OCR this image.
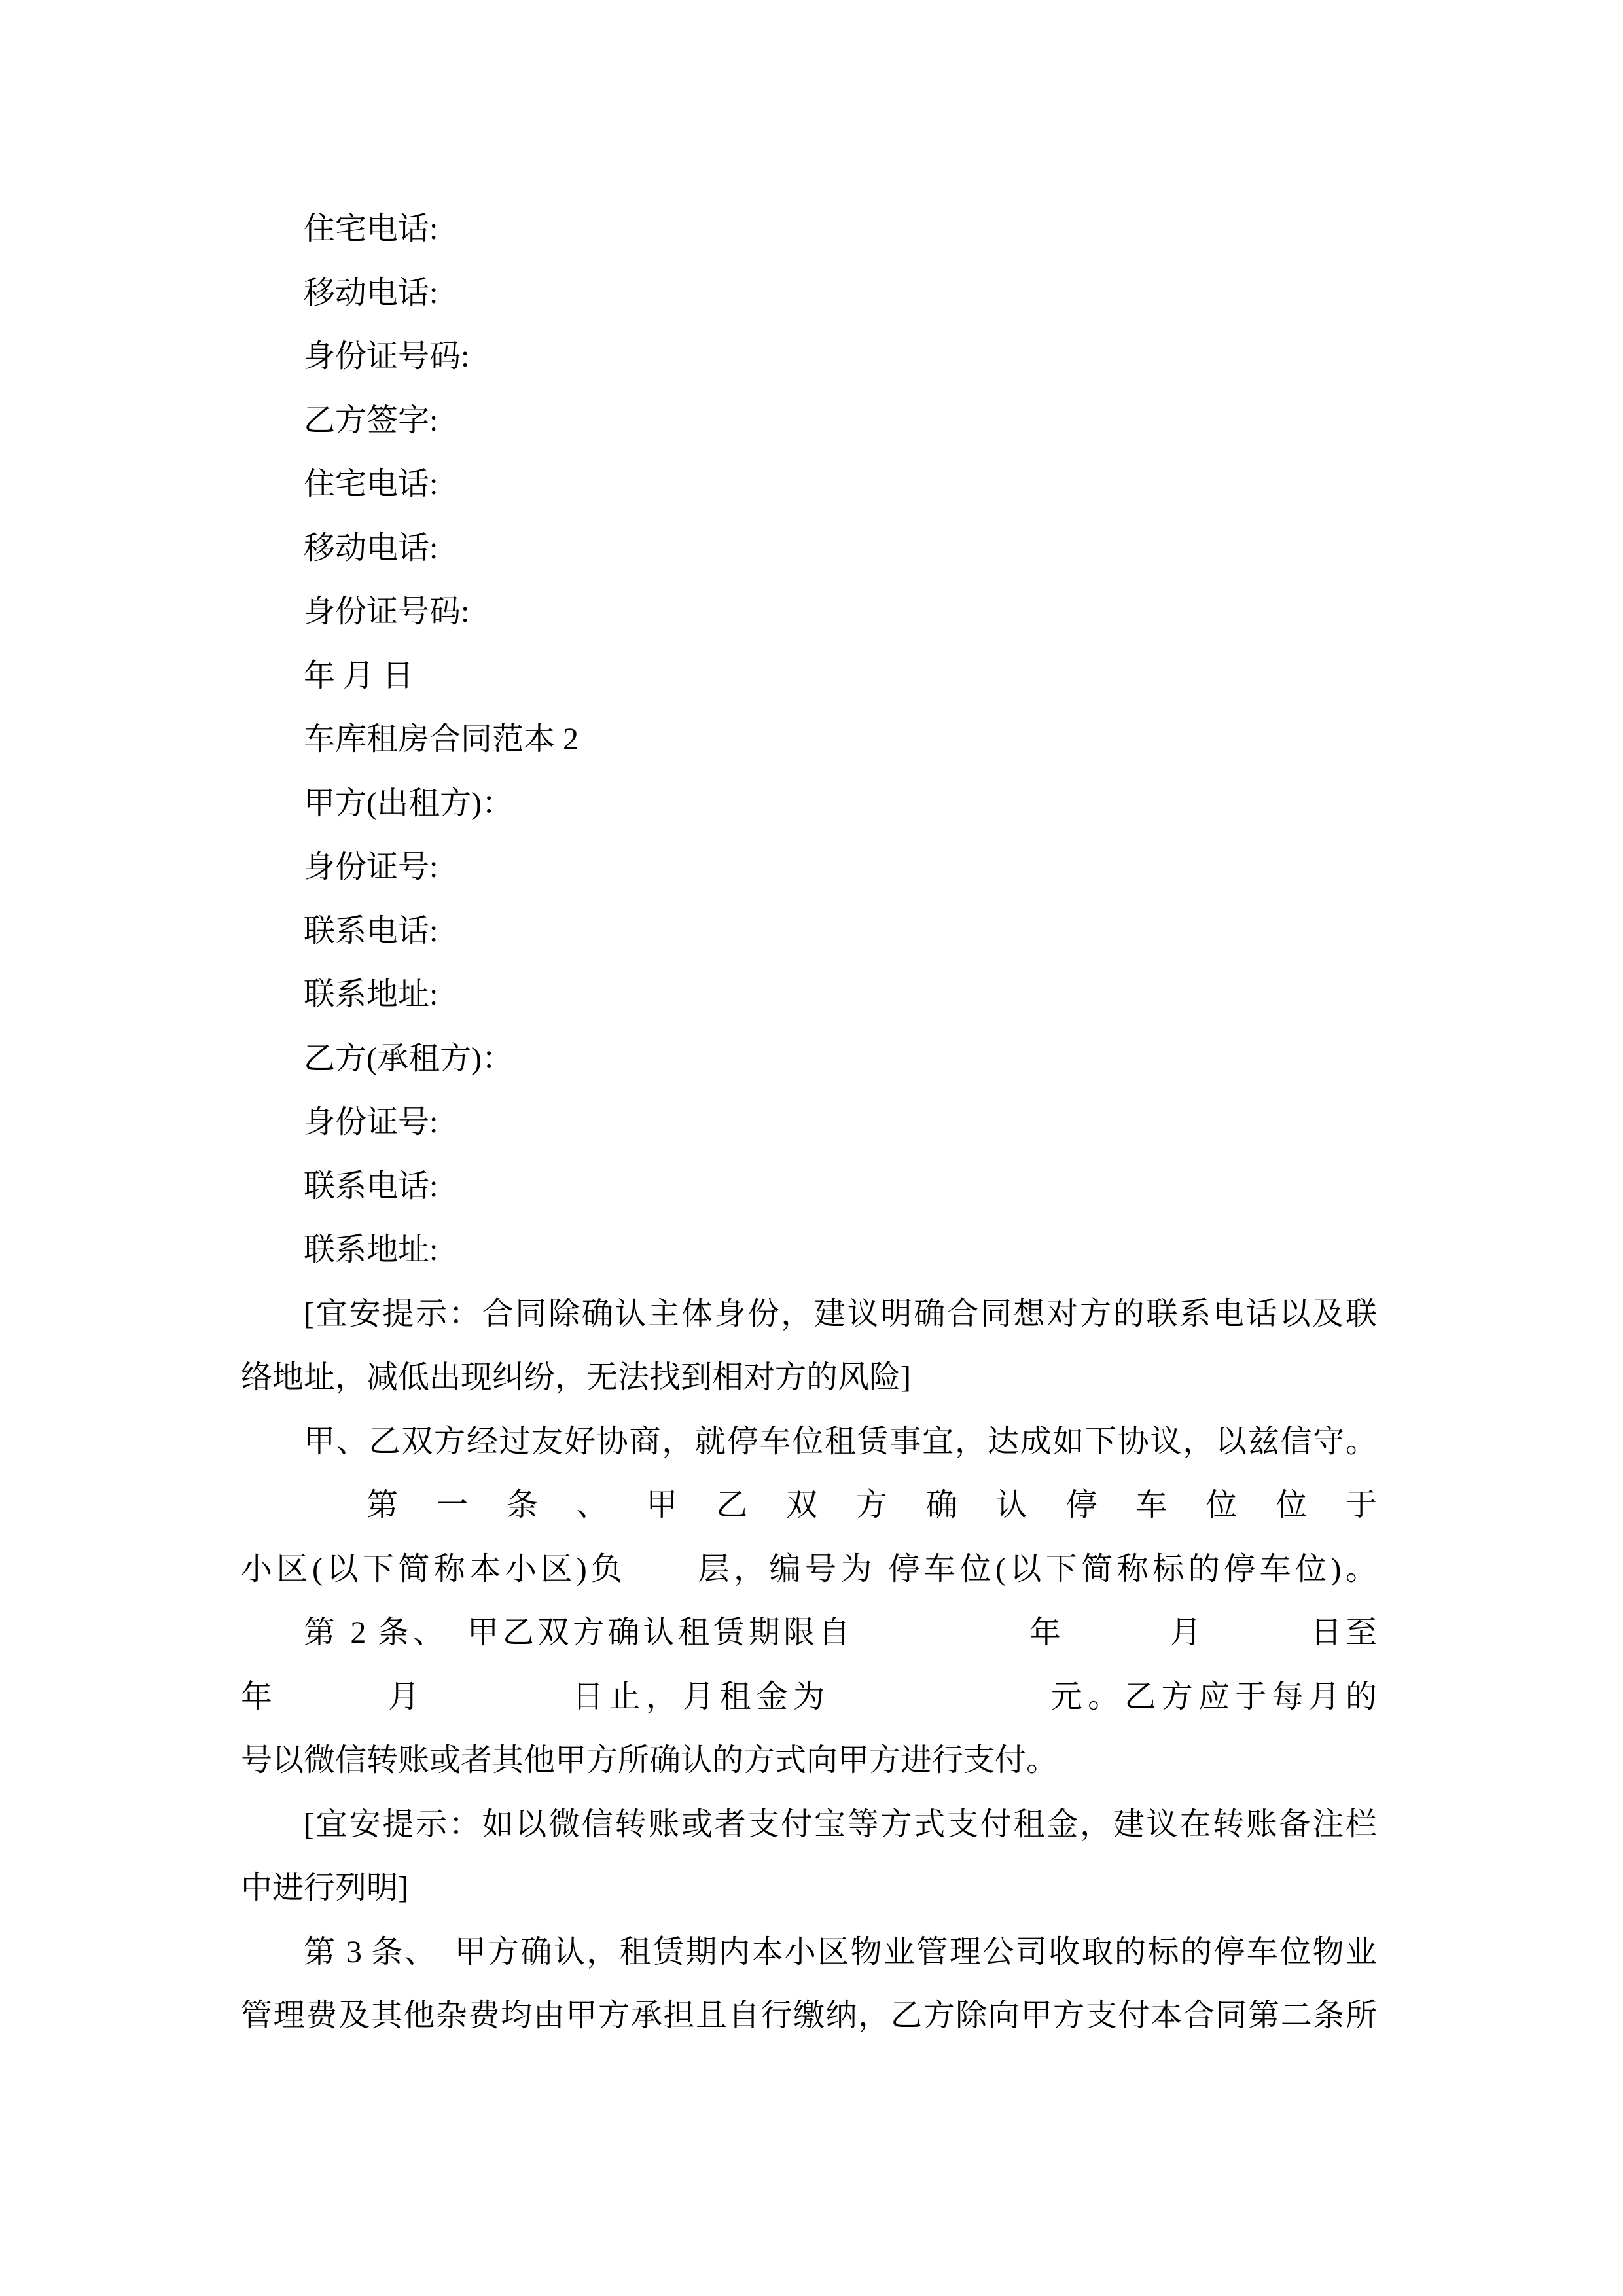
住宅电话:
移动电话:
身份证号码:
乙方签字:
住宅电话:
移动电话:
身份证号码:
年 月 日
车库租房合同范本 2
甲方(出租方)：
身份证号:
联系电话:
联系地址:
乙方(承租方)：
身份证号:
联系电话:
联系地址:
[宜安提示：合同除确认主体身份，建议明确合同想对方的联系电话以及联
络地址，减低出现纠纷，无法找到相对方的风险]
甲、乙双方经过友好协商，就停车位租赁事宜，达成如下协议，以兹信守。
第 一 条 、 甲 乙 双 方 确 认 停 车 位 位 于
小区(以下简称本小区)负　　层，编号为 停车位(以下简称标的停车位)。
第 2 条、　甲乙双方确认租赁期限自　　　　　年　　　月　　　日至
年　　　月　　　　日止，月租金为　　　　　　元。乙方应于每月的
号以微信转账或者其他甲方所确认的方式向甲方进行支付。
[宜安提示：如以微信转账或者支付宝等方式支付租金，建议在转账备注栏
中进行列明]
第 3 条、　甲方确认，租赁期内本小区物业管理公司收取的标的停车位物业
管理费及其他杂费均由甲方承担且自行缴纳，乙方除向甲方支付本合同第二条所
